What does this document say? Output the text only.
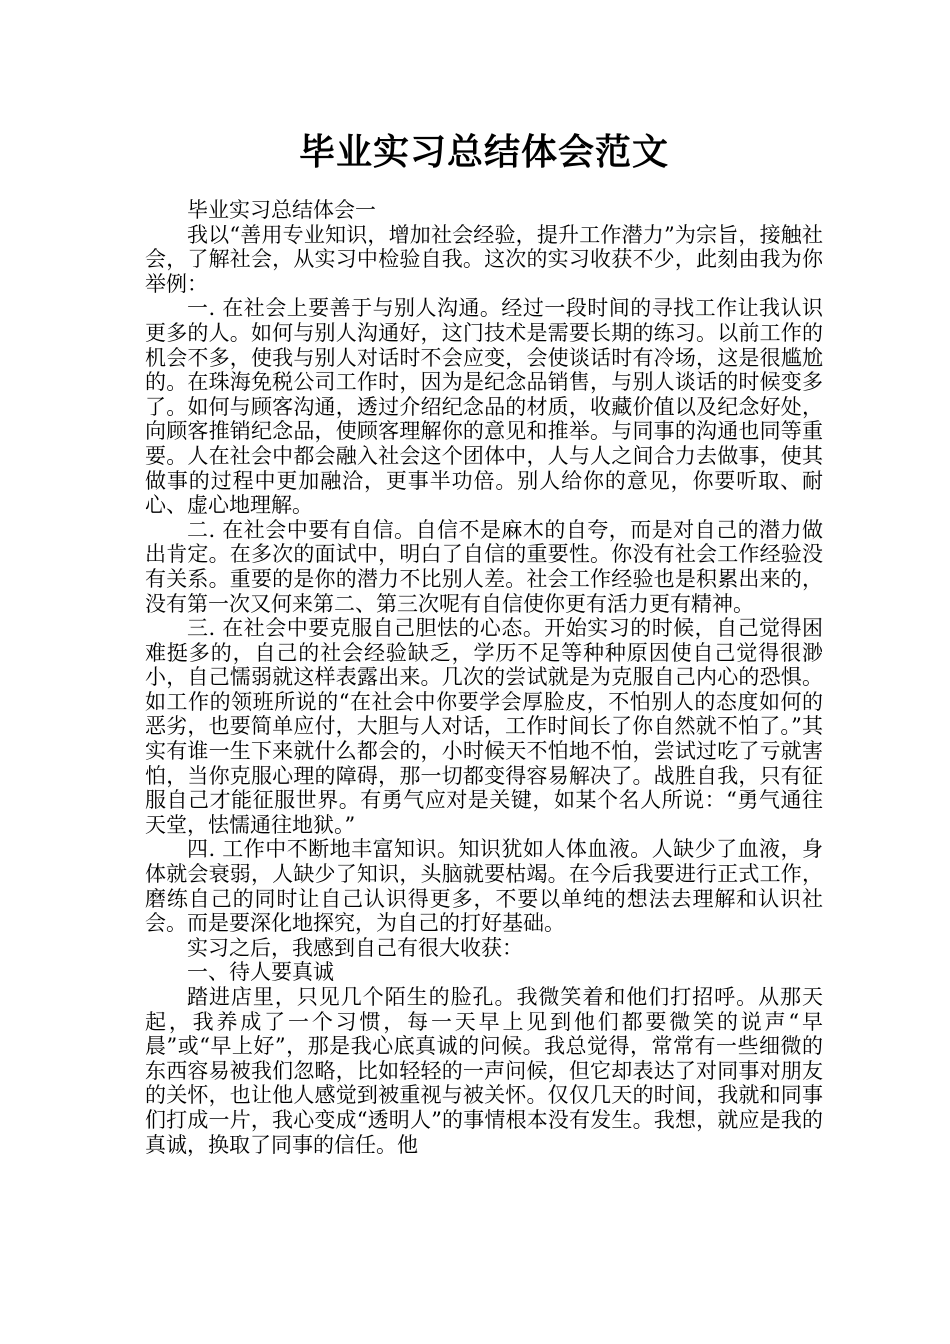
毕业实习总结体会范文

毕业实习总结体会一

我以“善用专业知识，增加社会经验，提升工作潜力”为宗旨，接触社会，了解社会，从实习中检验自我。这次的实习收获不少，此刻由我为你举例：

一. 在社会上要善于与别人沟通。经过一段时间的寻找工作让我认识更多的人。如何与别人沟通好，这门技术是需要长期的练习。以前工作的机会不多，使我与别人对话时不会应变，会使谈话时有冷场，这是很尴尬的。在珠海免税公司工作时，因为是纪念品销售，与别人谈话的时候变多了。如何与顾客沟通，透过介绍纪念品的材质，收藏价值以及纪念好处，向顾客推销纪念品，使顾客理解你的意见和推举。与同事的沟通也同等重要。人在社会中都会融入社会这个团体中，人与人之间合力去做事，使其做事的过程中更加融洽，更事半功倍。别人给你的意见，你要听取、耐心、虚心地理解。

二. 在社会中要有自信。自信不是麻木的自夸，而是对自己的潜力做出肯定。在多次的面试中，明白了自信的重要性。你没有社会工作经验没有关系。重要的是你的潜力不比别人差。社会工作经验也是积累出来的，没有第一次又何来第二、第三次呢有自信使你更有活力更有精神。

三. 在社会中要克服自己胆怯的心态。开始实习的时候，自己觉得困难挺多的，自己的社会经验缺乏，学历不足等种种原因使自己觉得很渺小，自己懦弱就这样表露出来。几次的尝试就是为克服自己内心的恐惧。如工作的领班所说的“在社会中你要学会厚脸皮，不怕别人的态度如何的恶劣，也要简单应付，大胆与人对话，工作时间长了你自然就不怕了。”其实有谁一生下来就什么都会的，小时候天不怕地不怕，尝试过吃了亏就害怕，当你克服心理的障碍，那一切都变得容易解决了。战胜自我，只有征服自己才能征服世界。有勇气应对是关键，如某个名人所说：“勇气通往天堂，怯懦通往地狱。”

四. 工作中不断地丰富知识。知识犹如人体血液。人缺少了血液，身体就会衰弱，人缺少了知识，头脑就要枯竭。在今后我要进行正式工作，磨练自己的同时让自己认识得更多，不要以单纯的想法去理解和认识社会。而是要深化地探究，为自己的打好基础。

实习之后，我感到自己有很大收获：

一、待人要真诚

踏进店里，只见几个陌生的脸孔。我微笑着和他们打招呼。从那天起，我养成了一个习惯，每一天早上见到他们都要微笑的说声“早晨”或“早上好”，那是我心底真诚的问候。我总觉得，常常有一些细微的东西容易被我们忽略，比如轻轻的一声问候，但它却表达了对同事对朋友的关怀，也让他人感觉到被重视与被关怀。仅仅几天的时间，我就和同事们打成一片，我心变成“透明人”的事情根本没有发生。我想，就应是我的真诚，换取了同事的信任。他
